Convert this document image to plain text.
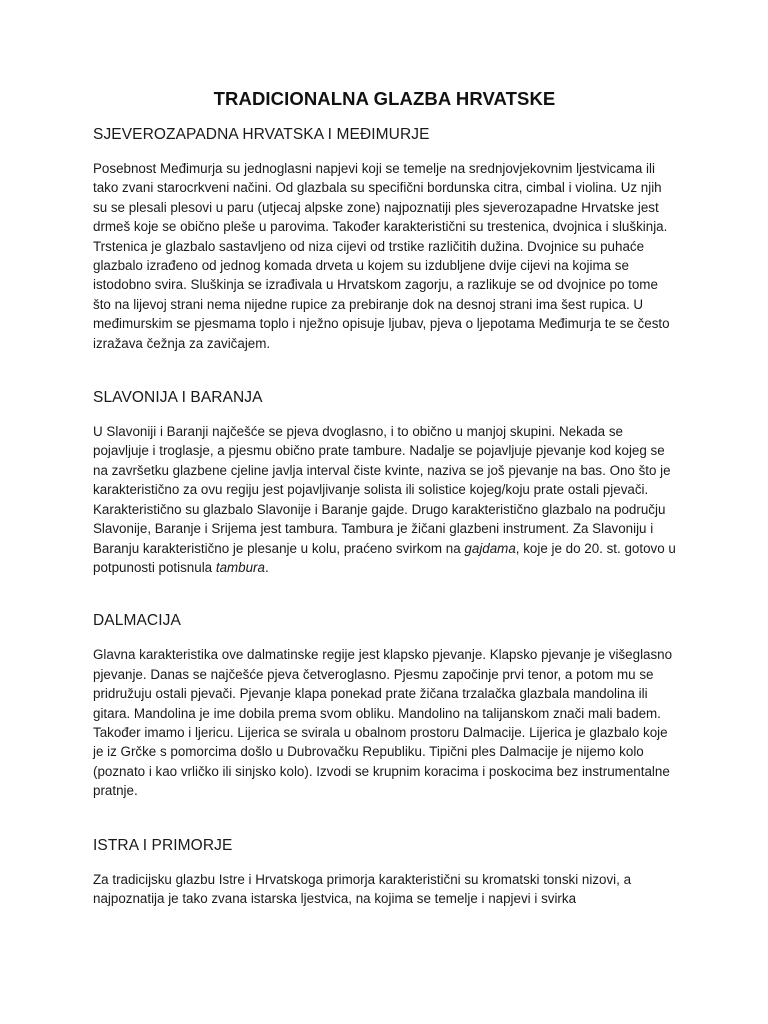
TRADICIONALNA GLAZBA HRVATSKE
SJEVEROZAPADNA HRVATSKA I MEĐIMURJE

Posebnost Međimurja su jednoglasni napjevi koji se temelje na srednjovjekovnim ljestvicama ili tako zvani starocrkveni načini. Od glazbala su specifični bordunska citra, cimbal i violina. Uz njih su se plesali plesovi u paru (utjecaj alpske zone) najpoznatiji ples sjeverozapadne Hrvatske jest drmeš koje se obično pleše u parovima. Također karakteristični su trestenica, dvojnica i sluškinja. Trstenica je glazbalo sastavljeno od niza cijevi od trstike različitih dužina. Dvojnice su puhaće glazbalo izrađeno od jednog komada drveta u kojem su izdubljene dvije cijevi na kojima se istodobno svira. Sluškinja se izrađivala u Hrvatskom zagorju, a razlikuje se od dvojnice po tome što na lijevoj strani nema nijedne rupice za prebiranje dok na desnoj strani ima šest rupica. U međimurskim se pjesmama toplo i nježno opisuje ljubav, pjeva o ljepotama Međimurja te se često izražava čežnja za zavičajem.

SLAVONIJA I BARANJA

U Slavoniji i Baranji najčešće se pjeva dvoglasno, i to obično u manjoj skupini. Nekada se pojavljuje i troglasje, a pjesmu obično prate tambure. Nadalje se pojavljuje pjevanje kod kojeg se na završetku glazbene cjeline javlja interval čiste kvinte, naziva se još pjevanje na bas. Ono što je karakteristično za ovu regiju jest pojavljivanje solista ili solistice kojeg/koju prate ostali pjevači. Karakteristično su glazbalo Slavonije i Baranje gajde. Drugo karakteristično glazbalo na području Slavonije, Baranje i Srijema jest tambura. Tambura je žičani glazbeni instrument. Za Slavoniju i Baranju karakteristično je plesanje u kolu, praćeno svirkom na gajdama, koje je do 20. st. gotovo u potpunosti potisnula tambura.

DALMACIJA

Glavna karakteristika ove dalmatinske regije jest klapsko pjevanje. Klapsko pjevanje je višeglasno pjevanje. Danas se najčešće pjeva četveroglasno. Pjesmu započinje prvi tenor, a potom mu se pridružuju ostali pjevači. Pjevanje klapa ponekad prate žičana trzalačka glazbala mandolina ili gitara. Mandolina je ime dobila prema svom obliku. Mandolino na talijanskom znači mali badem. Također imamo i ljericu. Lijerica se svirala u obalnom prostoru Dalmacije. Lijerica je glazbalo koje je iz Grčke s pomorcima došlo u Dubrovačku Republiku. Tipični ples Dalmacije je nijemo kolo (poznato i kao vrličko ili sinjsko kolo). Izvodi se krupnim koracima i poskocima bez instrumentalne pratnje.

ISTRA I PRIMORJE

Za tradicijsku glazbu Istre i Hrvatskoga primorja karakteristični su kromatski tonski nizovi, a najpoznatija je tako zvana istarska ljestvica, na kojima se temelje i napjevi i svirka
